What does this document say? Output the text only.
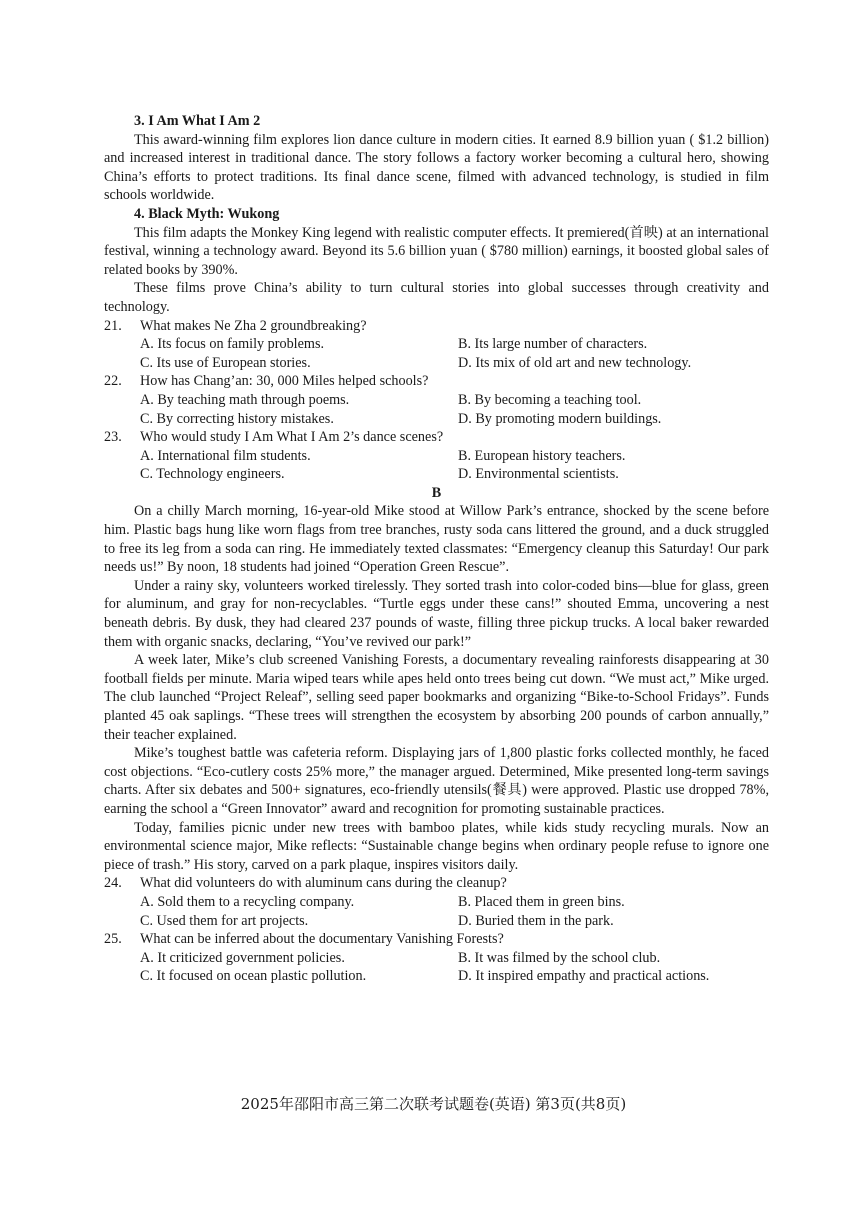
3. I Am What I Am 2

This award-winning film explores lion dance culture in modern cities. It earned 8.9 billion yuan ( $1.2 billion) and increased interest in traditional dance. The story follows a factory worker becoming a cultural hero, showing China’s efforts to protect traditions. Its final dance scene, filmed with advanced technology, is studied in film schools worldwide.

4. Black Myth: Wukong

This film adapts the Monkey King legend with realistic computer effects. It premiered(首映) at an international festival, winning a technology award. Beyond its 5.6 billion yuan ( $780 million) earnings, it boosted global sales of related books by 390%.

These films prove China’s ability to turn cultural stories into global successes through creativity and technology.

21.	What makes Ne Zha 2 groundbreaking?
A. Its focus on family problems.	B. Its large number of characters.
C. Its use of European stories.	D. Its mix of old art and new technology.
22.	How has Chang’an: 30, 000 Miles helped schools?
A. By teaching math through poems.	B. By becoming a teaching tool.
C. By correcting history mistakes.	D. By promoting modern buildings.
23.	Who would study I Am What I Am 2’s dance scenes?
A. International film students.	B. European history teachers.
C. Technology engineers.	D. Environmental scientists.
B

On a chilly March morning, 16-year-old Mike stood at Willow Park’s entrance, shocked by the scene before him. Plastic bags hung like worn flags from tree branches, rusty soda cans littered the ground, and a duck struggled to free its leg from a soda can ring. He immediately texted classmates: “Emergency cleanup this Saturday! Our park needs us!” By noon, 18 students had joined “Operation Green Rescue”.

Under a rainy sky, volunteers worked tirelessly. They sorted trash into color-coded bins—blue for glass, green for aluminum, and gray for non-recyclables. “Turtle eggs under these cans!” shouted Emma, uncovering a nest beneath debris. By dusk, they had cleared 237 pounds of waste, filling three pickup trucks. A local baker rewarded them with organic snacks, declaring, “You’ve revived our park!”

A week later, Mike’s club screened Vanishing Forests, a documentary revealing rainforests disappearing at 30 football fields per minute. Maria wiped tears while apes held onto trees being cut down. “We must act,” Mike urged. The club launched “Project Releaf”, selling seed paper bookmarks and organizing “Bike-to-School Fridays”. Funds planted 45 oak saplings. “These trees will strengthen the ecosystem by absorbing 200 pounds of carbon annually,” their teacher explained.

Mike’s toughest battle was cafeteria reform. Displaying jars of 1,800 plastic forks collected monthly, he faced cost objections. “Eco-cutlery costs 25% more,” the manager argued. Determined, Mike presented long-term savings charts. After six debates and 500+ signatures, eco-friendly utensils(餐具) were approved. Plastic use dropped 78%, earning the school a “Green Innovator” award and recognition for promoting sustainable practices.

Today, families picnic under new trees with bamboo plates, while kids study recycling murals. Now an environmental science major, Mike reflects: “Sustainable change begins when ordinary people refuse to ignore one piece of trash.” His story, carved on a park plaque, inspires visitors daily.

24.	What did volunteers do with aluminum cans during the cleanup?
A. Sold them to a recycling company.	B. Placed them in green bins.
C. Used them for art projects.	D. Buried them in the park.
25.	What can be inferred about the documentary Vanishing Forests?
A. It criticized government policies.	B. It was filmed by the school club.
C. It focused on ocean plastic pollution.	D. It inspired empathy and practical actions.
2025年邵阳市高三第二次联考试题卷(英语) 第3页(共8页)
